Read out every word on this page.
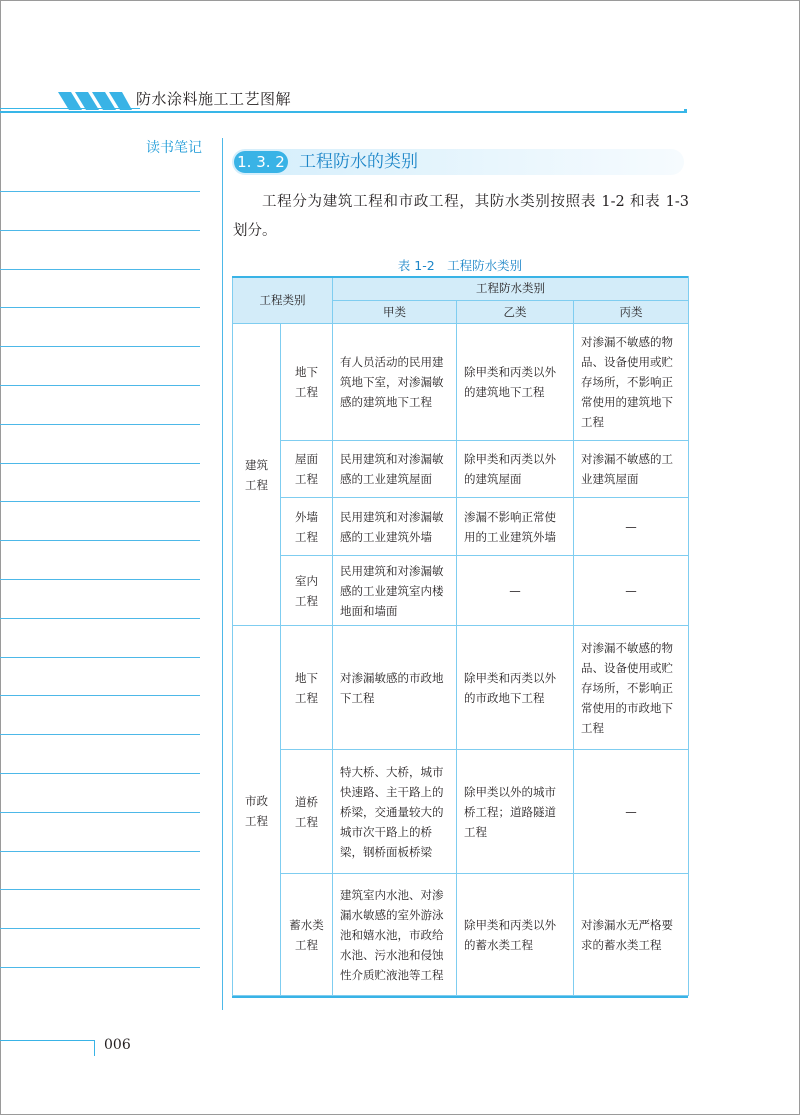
防水涂料施工工艺图解
读书笔记
1. 3. 2 工程防水的类别
工程分为建筑工程和市政工程，其防水类别按照表 1-2 和表 1-3 划分。
表 1-2　工程防水类别
工程类别		工程防水类别		
		甲类	乙类	丙类
建筑工程	地下工程	有人员活动的民用建筑地下室，对渗漏敏感的建筑地下工程	除甲类和丙类以外的建筑地下工程	对渗漏不敏感的物品、设备使用或贮存场所，不影响正常使用的建筑地下工程
	屋面工程	民用建筑和对渗漏敏感的工业建筑屋面	除甲类和丙类以外的建筑屋面	对渗漏不敏感的工业建筑屋面
	外墙工程	民用建筑和对渗漏敏感的工业建筑外墙	渗漏不影响正常使用的工业建筑外墙	—
	室内工程	民用建筑和对渗漏敏感的工业建筑室内楼地面和墙面	—	—
市政工程	地下工程	对渗漏敏感的市政地下工程	除甲类和丙类以外的市政地下工程	对渗漏不敏感的物品、设备使用或贮存场所，不影响正常使用的市政地下工程
	道桥工程	特大桥、大桥，城市快速路、主干路上的桥梁，交通量较大的城市次干路上的桥梁，钢桥面板桥梁	除甲类以外的城市桥工程；道路隧道工程	—
	蓄水类工程	建筑室内水池、对渗漏水敏感的室外游泳池和嬉水池，市政给水池、污水池和侵蚀性介质贮液池等工程	除甲类和丙类以外的蓄水类工程	对渗漏水无严格要求的蓄水类工程
006
